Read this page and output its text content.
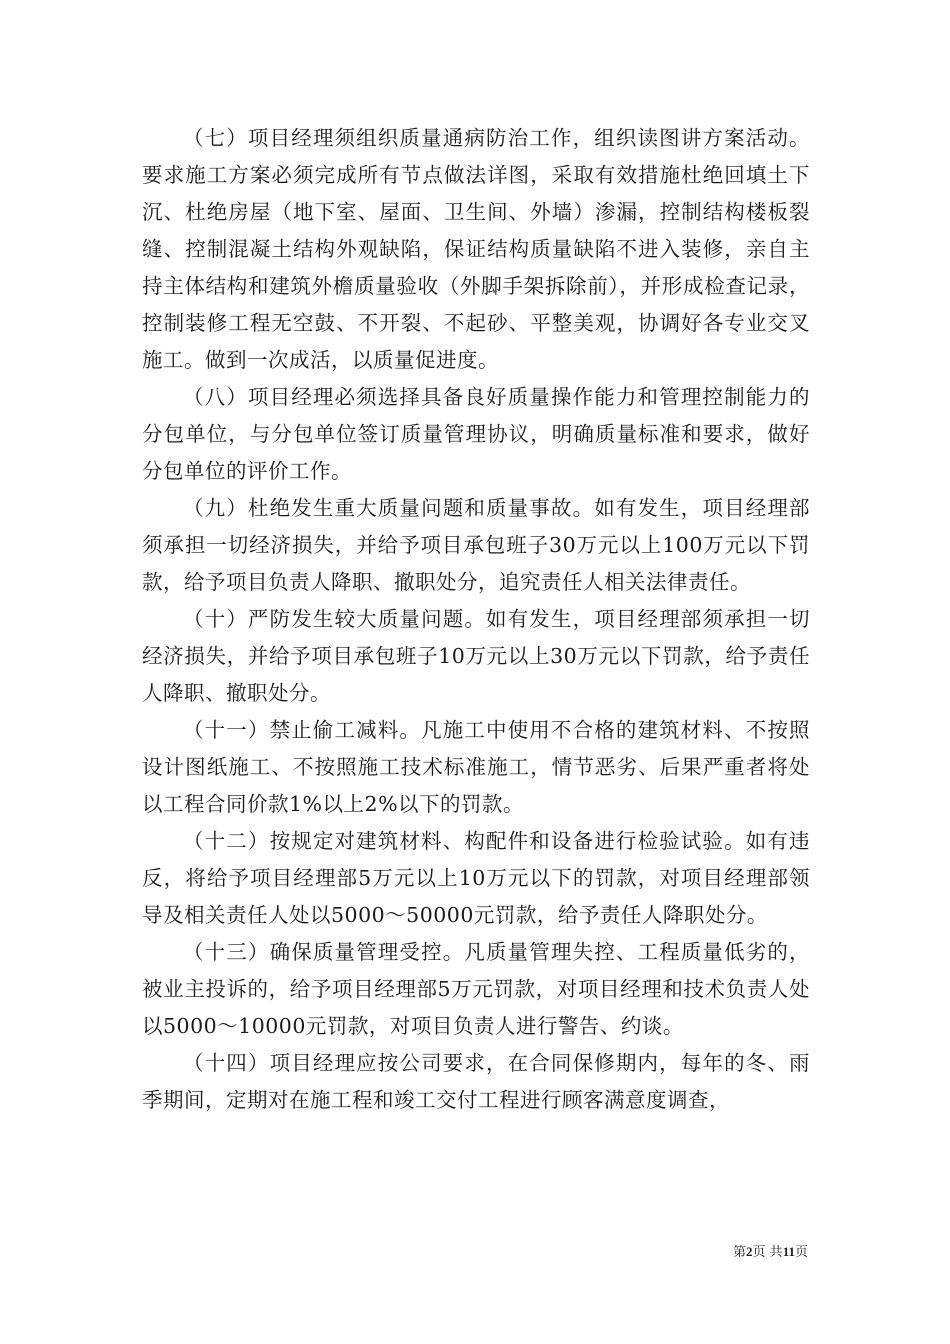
（七）项目经理须组织质量通病防治工作，组织读图讲方案活动。要求施工方案必须完成所有节点做法详图，采取有效措施杜绝回填土下沉、杜绝房屋（地下室、屋面、卫生间、外墙）渗漏，控制结构楼板裂缝、控制混凝土结构外观缺陷，保证结构质量缺陷不进入装修，亲自主持主体结构和建筑外檐质量验收（外脚手架拆除前），并形成检查记录，控制装修工程无空鼓、不开裂、不起砂、平整美观，协调好各专业交叉施工。做到一次成活，以质量促进度。

（八）项目经理必须选择具备良好质量操作能力和管理控制能力的分包单位，与分包单位签订质量管理协议，明确质量标准和要求，做好分包单位的评价工作。

（九）杜绝发生重大质量问题和质量事故。如有发生，项目经理部须承担一切经济损失，并给予项目承包班子30万元以上100万元以下罚款，给予项目负责人降职、撤职处分，追究责任人相关法律责任。

（十）严防发生较大质量问题。如有发生，项目经理部须承担一切经济损失，并给予项目承包班子10万元以上30万元以下罚款，给予责任人降职、撤职处分。

（十一）禁止偷工减料。凡施工中使用不合格的建筑材料、不按照设计图纸施工、不按照施工技术标准施工，情节恶劣、后果严重者将处以工程合同价款1%以上2%以下的罚款。

（十二）按规定对建筑材料、构配件和设备进行检验试验。如有违反，将给予项目经理部5万元以上10万元以下的罚款，对项目经理部领导及相关责任人处以5000～50000元罚款，给予责任人降职处分。

（十三）确保质量管理受控。凡质量管理失控、工程质量低劣的，被业主投诉的，给予项目经理部5万元罚款，对项目经理和技术负责人处以5000～10000元罚款，对项目负责人进行警告、约谈。

（十四）项目经理应按公司要求，在合同保修期内，每年的冬、雨季期间，定期对在施工程和竣工交付工程进行顾客满意度调查，

第2页 共11页
